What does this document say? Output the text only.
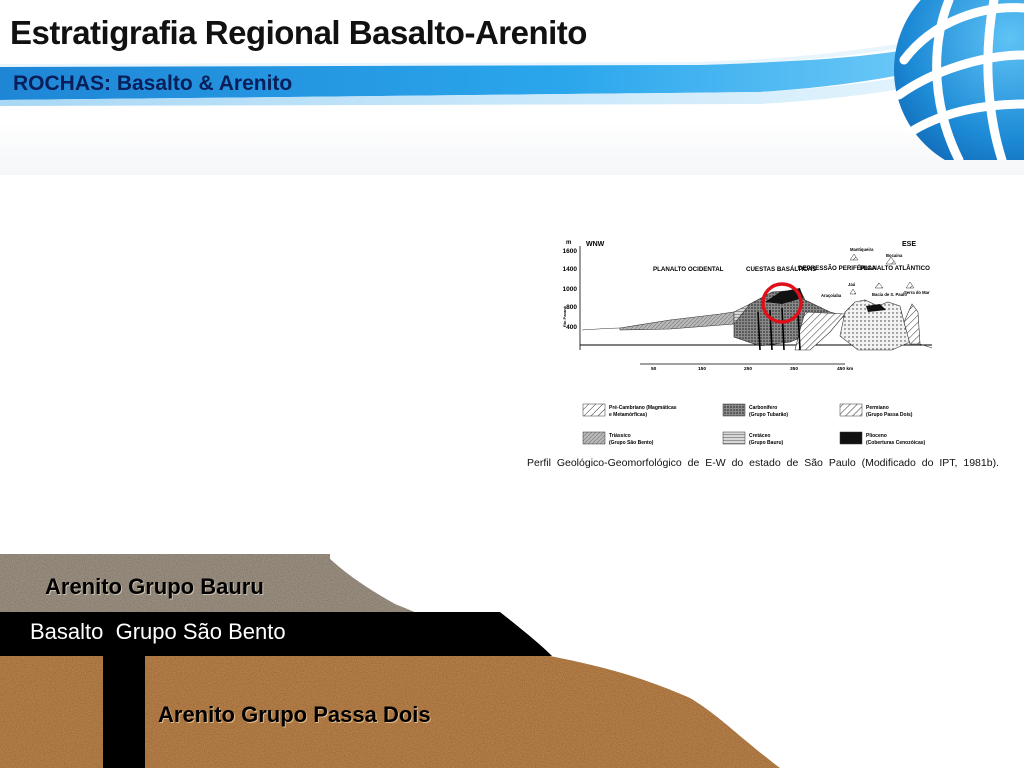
Estratigrafia Regional Basalto-Arenito
ROCHAS: Basalto & Arenito
m WNW	ESE
1600
1400
1000
800
400
PLANALTO OCIDENTAL	CUESTAS BASÁLTICAS
DEPRESSÃO PERIFÉRICA
PLANALTO ATLÂNTICO
Mantiqueira
Bocaina
Jaú
Araçoiaba	Bacia de S. Paulo
Serra do Mar
Rio Paraná
50	150	250	350	450 km
Pré-Cambriano (Magmáticas
e Metamórficas)
Carbonífero
(Grupo Tubarão)
Permiano
(Grupo Passa Dois)
Triássico
(Grupo São Bento)
Cretáceo
(Grupo Bauru)
Plioceno
(Coberturas Cenozóicas)
Perfil Geológico-Geomorfológico de E-W do estado de São Paulo (Modificado do IPT, 1981b).
Arenito Grupo Bauru
Basalto  Grupo São Bento
Arenito Grupo Passa Dois
